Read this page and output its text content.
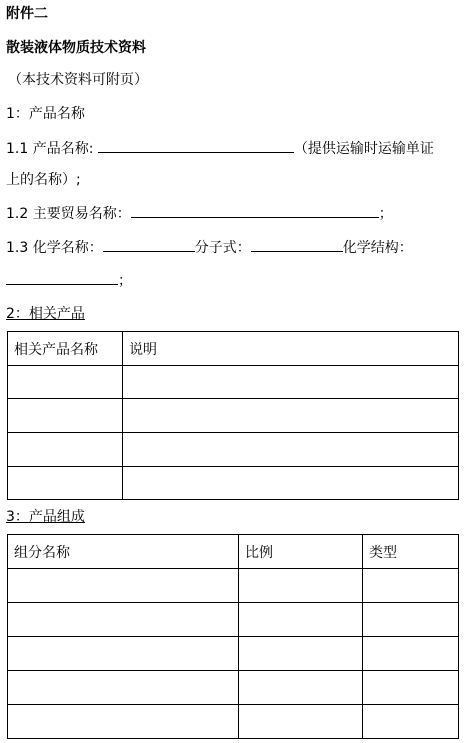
附件二
散装液体物质技术资料
（本技术资料可附页）
1：产品名称
1.1 产品名称:	（提供运输时运输单证
上的名称）;
1.2 主要贸易名称：	；
1.3 化学名称：	分子式：	化学结构：
；
2：相关产品
相关产品名称	说明

3：产品组成
组分名称	比例	类型
